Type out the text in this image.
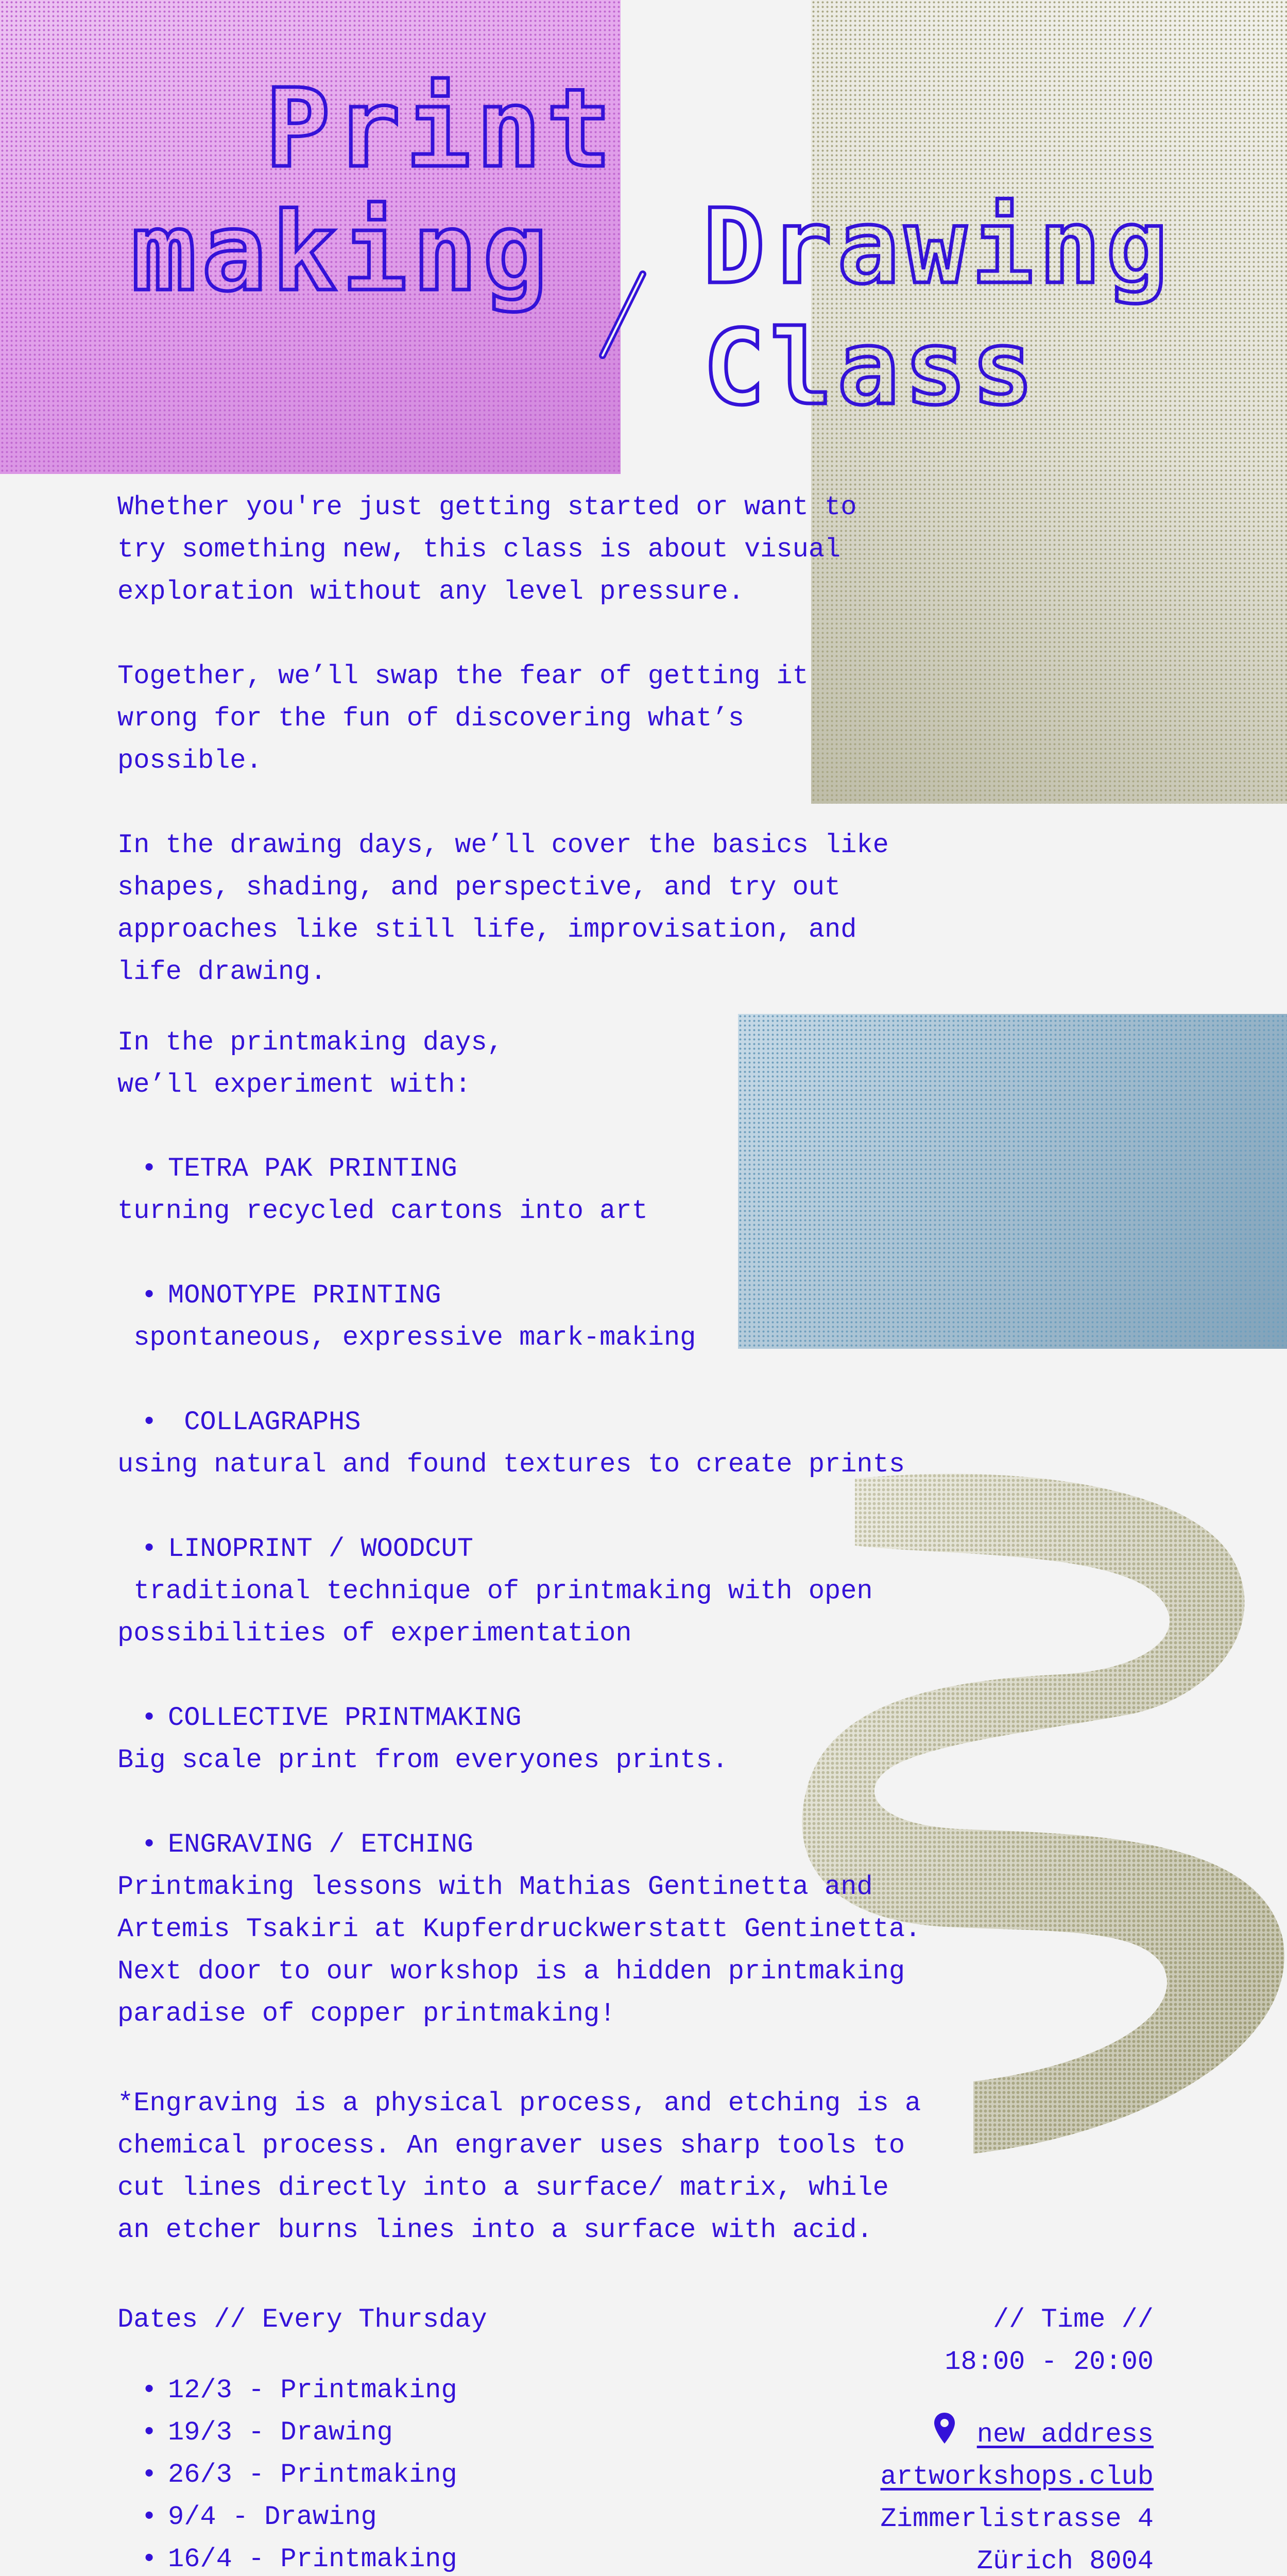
Print

making Drawing

Class

Whether you're just getting started or want to

try something new, this class is about visual

exploration without any level pressure.

Together, we’ll swap the fear of getting it

wrong for the fun of discovering what’s

possible.

In the drawing days, we’ll cover the basics like

shapes, shading, and perspective, and try out

approaches like still life, improvisation, and

life drawing.

In the printmaking days,

we’ll experiment with:

• TETRA PAK PRINTING

turning recycled cartons into art

• MONOTYPE PRINTING

spontaneous, expressive mark-making

• COLLAGRAPHS

using natural and found textures to create prints

• LINOPRINT / WOODCUT

traditional technique of printmaking with open

possibilities of experimentation

• COLLECTIVE PRINTMAKING

Big scale print from everyones prints.

• ENGRAVING / ETCHING

Printmaking lessons with Mathias Gentinetta and

Artemis Tsakiri at Kupferdruckwerstatt Gentinetta.

Next door to our workshop is a hidden printmaking

paradise of copper printmaking!

*Engraving is a physical process, and etching is a

chemical process. An engraver uses sharp tools to

cut lines directly into a surface/ matrix, while

an etcher burns lines into a surface with acid.

Dates // Every Thursday

• 12/3 - Printmaking
• 19/3 - Drawing
• 26/3 - Printmaking
• 9/4 - Drawing
• 16/4 - Printmaking

// Time //

18:00 - 20:00

new address

artworkshops.club

Zimmerlistrasse 4

Zürich 8004
